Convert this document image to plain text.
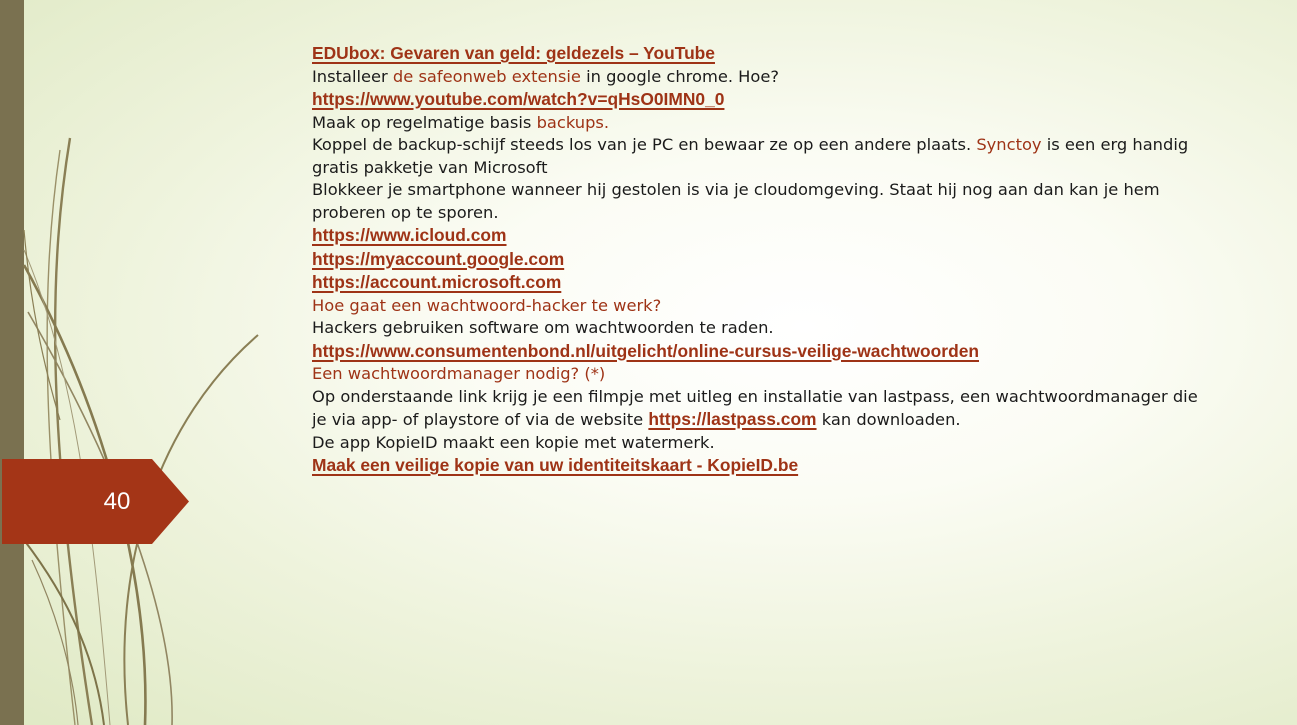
40

EDUbox: Gevaren van geld: geldezels – YouTube

Installeer de safeonweb extensie in google chrome. Hoe?
https://www.youtube.com/watch?v=qHsO0IMN0_0

Maak op regelmatige basis backups.
Koppel de backup-schijf steeds los van je PC en bewaar ze op een andere plaats. Synctoy is een erg handig gratis pakketje van Microsoft

Blokkeer je smartphone wanneer hij gestolen is via je cloudomgeving. Staat hij nog aan dan kan je hem proberen op te sporen.
https://www.icloud.com
https://myaccount.google.com
https://account.microsoft.com

Hoe gaat een wachtwoord-hacker te werk?
Hackers gebruiken software om wachtwoorden te raden.
https://www.consumentenbond.nl/uitgelicht/online-cursus-veilige-wachtwoorden

Een wachtwoordmanager nodig? (*)
Op onderstaande link krijg je een filmpje met uitleg en installatie van lastpass, een wachtwoordmanager die je via app- of playstore of via de website https://lastpass.com kan downloaden.

De app KopieID maakt een kopie met watermerk.
Maak een veilige kopie van uw identiteitskaart - KopieID.be
